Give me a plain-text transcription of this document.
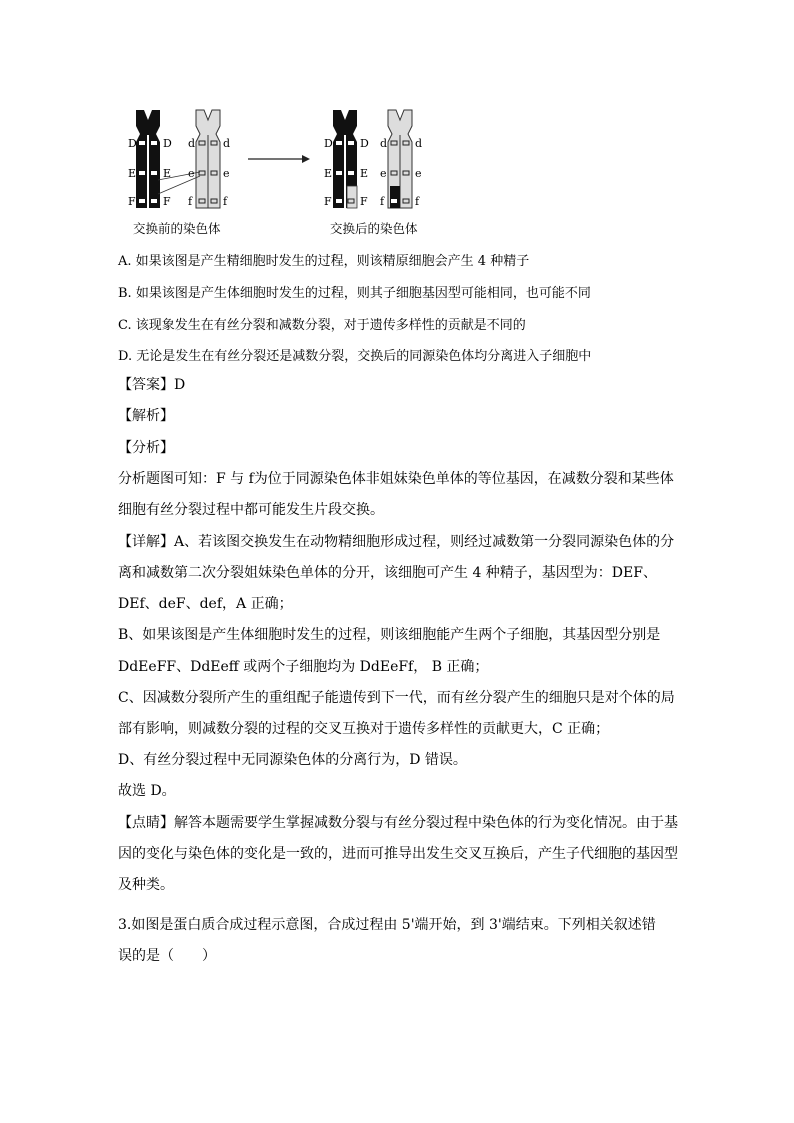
D
E
F
D
E
F
d
e
f
d
e
f
D
E
F
D
E
F
d
e
f
d
e
f
交换前的染色体	交换后的染色体
A. 如果该图是产生精细胞时发生的过程，则该精原细胞会产生 4 种精子
B. 如果该图是产生体细胞时发生的过程，则其子细胞基因型可能相同，也可能不同
C. 该现象发生在有丝分裂和减数分裂，对于遗传多样性的贡献是不同的
D. 无论是发生在有丝分裂还是减数分裂，交换后的同源染色体均分离进入子细胞中
【答案】D
【解析】
【分析】
分析题图可知：F 与 f为位于同源染色体非姐妹染色单体的等位基因，在减数分裂和某些体
细胞有丝分裂过程中都可能发生片段交换。
【详解】A、若该图交换发生在动物精细胞形成过程，则经过减数第一分裂同源染色体的分
离和减数第二次分裂姐妹染色单体的分开，该细胞可产生 4 种精子，基因型为：DEF、
DEf、deF、def，A 正确；
B、如果该图是产生体细胞时发生的过程，则该细胞能产生两个子细胞，其基因型分别是
DdEeFF、DdEeff 或两个子细胞均为 DdEeFf， B 正确；
C、因减数分裂所产生的重组配子能遗传到下一代，而有丝分裂产生的细胞只是对个体的局
部有影响，则减数分裂的过程的交叉互换对于遗传多样性的贡献更大，C 正确；
D、有丝分裂过程中无同源染色体的分离行为，D 错误。
故选 D。
【点睛】解答本题需要学生掌握减数分裂与有丝分裂过程中染色体的行为变化情况。由于基
因的变化与染色体的变化是一致的，进而可推导出发生交叉互换后，产生子代细胞的基因型
及种类。
3.如图是蛋白质合成过程示意图，合成过程由 5'端开始，到 3'端结束。下列相关叙述错
误的是（　　）
